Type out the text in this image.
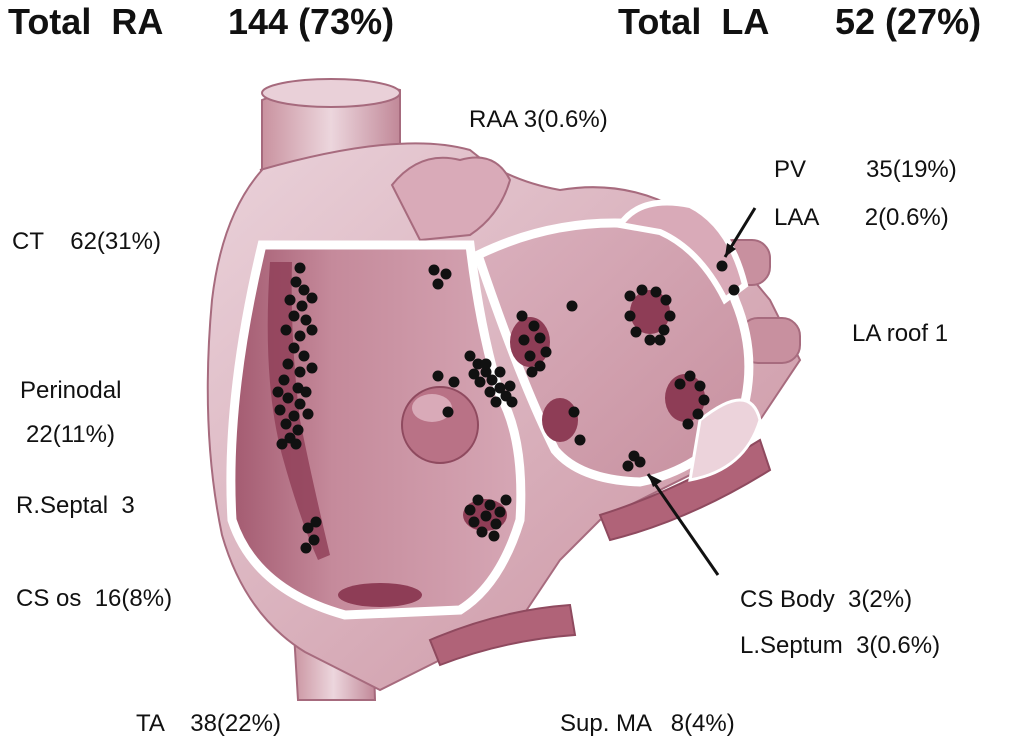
Total  RA 144 (73%)	Total  LA 52 (27%)
RAA 3(0.6%)
CT    62(31%)
Perinodal
22(11%)
R.Septal  3
CS os  16(8%)
TA    38(22%)
PV         35(19%)
LAA       2(0.6%)
LA roof 1
CS Body  3(2%)
L.Septum  3(0.6%)
Sup. MA   8(4%)
